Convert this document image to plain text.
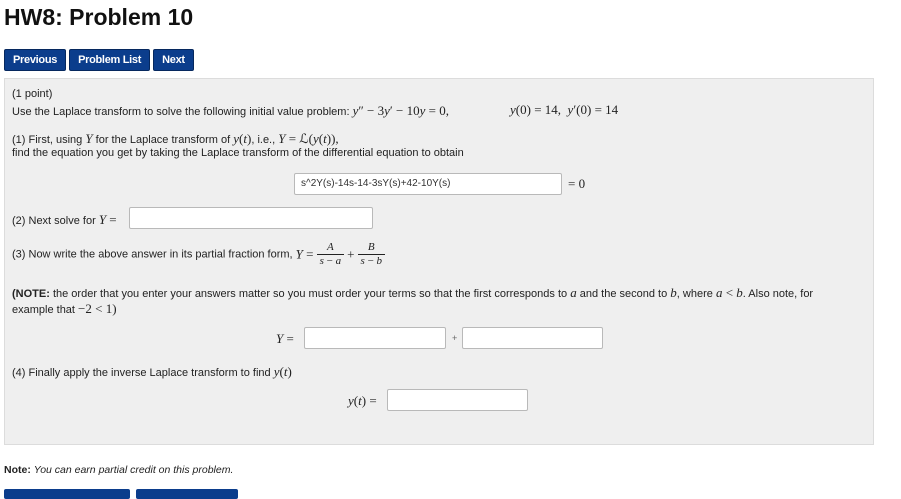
HW8: Problem 10
Previous	Problem List	Next
(1 point)
Use the Laplace transform to solve the following initial value problem: y″ − 3y′ − 10y = 0,	y(0) = 14,  y′(0) = 14
(1) First, using Y for the Laplace transform of y(t), i.e., Y = ℒ(y(t)),
find the equation you get by taking the Laplace transform of the differential equation to obtain
s^2Y(s)-14s-14-3sY(s)+42-10Y(s)	= 0
(2) Next solve for Y =
(3) Now write the above answer in its partial fraction form, $Y = \frac{A}{s - a} + \frac{B}{s - b}$
(NOTE: the order that you enter your answers matter so you must order your terms so that the first corresponds to a and the second to b, where a < b. Also note, for
example that −2 < 1)
Y =	+
(4) Finally apply the inverse Laplace transform to find y(t)
y(t) =
Note: You can earn partial credit on this problem.
